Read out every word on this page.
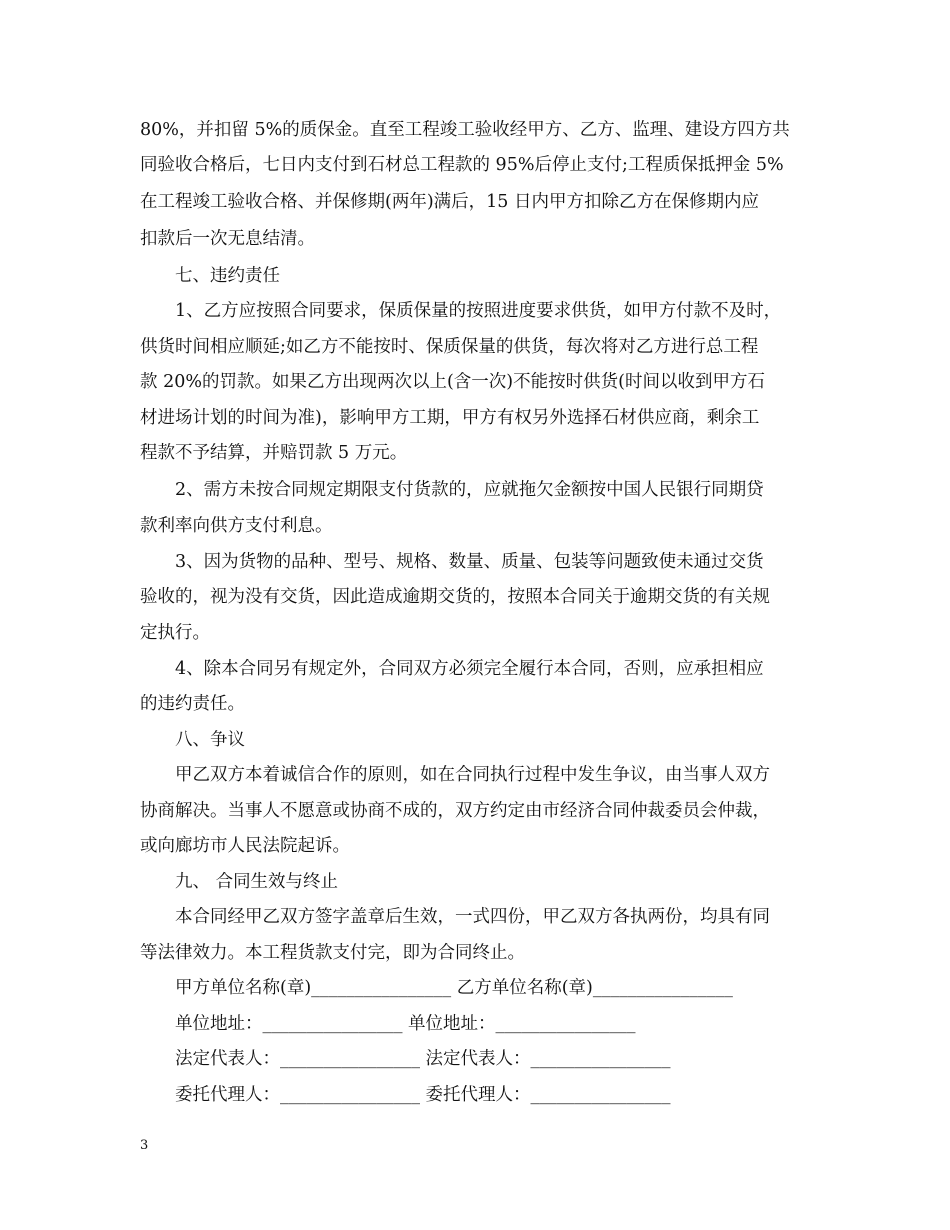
80%，并扣留 5%的质保金。直至工程竣工验收经甲方、乙方、监理、建设方四方共
同验收合格后，七日内支付到石材总工程款的 95%后停止支付;工程质保抵押金 5%
在工程竣工验收合格、并保修期(两年)满后，15 日内甲方扣除乙方在保修期内应
扣款后一次无息结清。
七、违约责任
1、乙方应按照合同要求，保质保量的按照进度要求供货，如甲方付款不及时，
供货时间相应顺延;如乙方不能按时、保质保量的供货，每次将对乙方进行总工程
款 20%的罚款。如果乙方出现两次以上(含一次)不能按时供货(时间以收到甲方石
材进场计划的时间为准)，影响甲方工期，甲方有权另外选择石材供应商，剩余工
程款不予结算，并赔罚款 5 万元。
2、需方未按合同规定期限支付货款的，应就拖欠金额按中国人民银行同期贷
款利率向供方支付利息。
3、因为货物的品种、型号、规格、数量、质量、包装等问题致使未通过交货
验收的，视为没有交货，因此造成逾期交货的，按照本合同关于逾期交货的有关规
定执行。
4、除本合同另有规定外，合同双方必须完全履行本合同，否则，应承担相应
的违约责任。
八、争议
甲乙双方本着诚信合作的原则，如在合同执行过程中发生争议，由当事人双方
协商解决。当事人不愿意或协商不成的，双方约定由市经济合同仲裁委员会仲裁，
或向廊坊市人民法院起诉。
九、 合同生效与终止
本合同经甲乙双方签字盖章后生效，一式四份，甲乙双方各执两份，均具有同
等法律效力。本工程货款支付完，即为合同终止。
甲方单位名称(章)________________ 乙方单位名称(章)________________
单位地址：________________ 单位地址：________________
法定代表人：________________ 法定代表人：________________
委托代理人：________________ 委托代理人：________________
3
